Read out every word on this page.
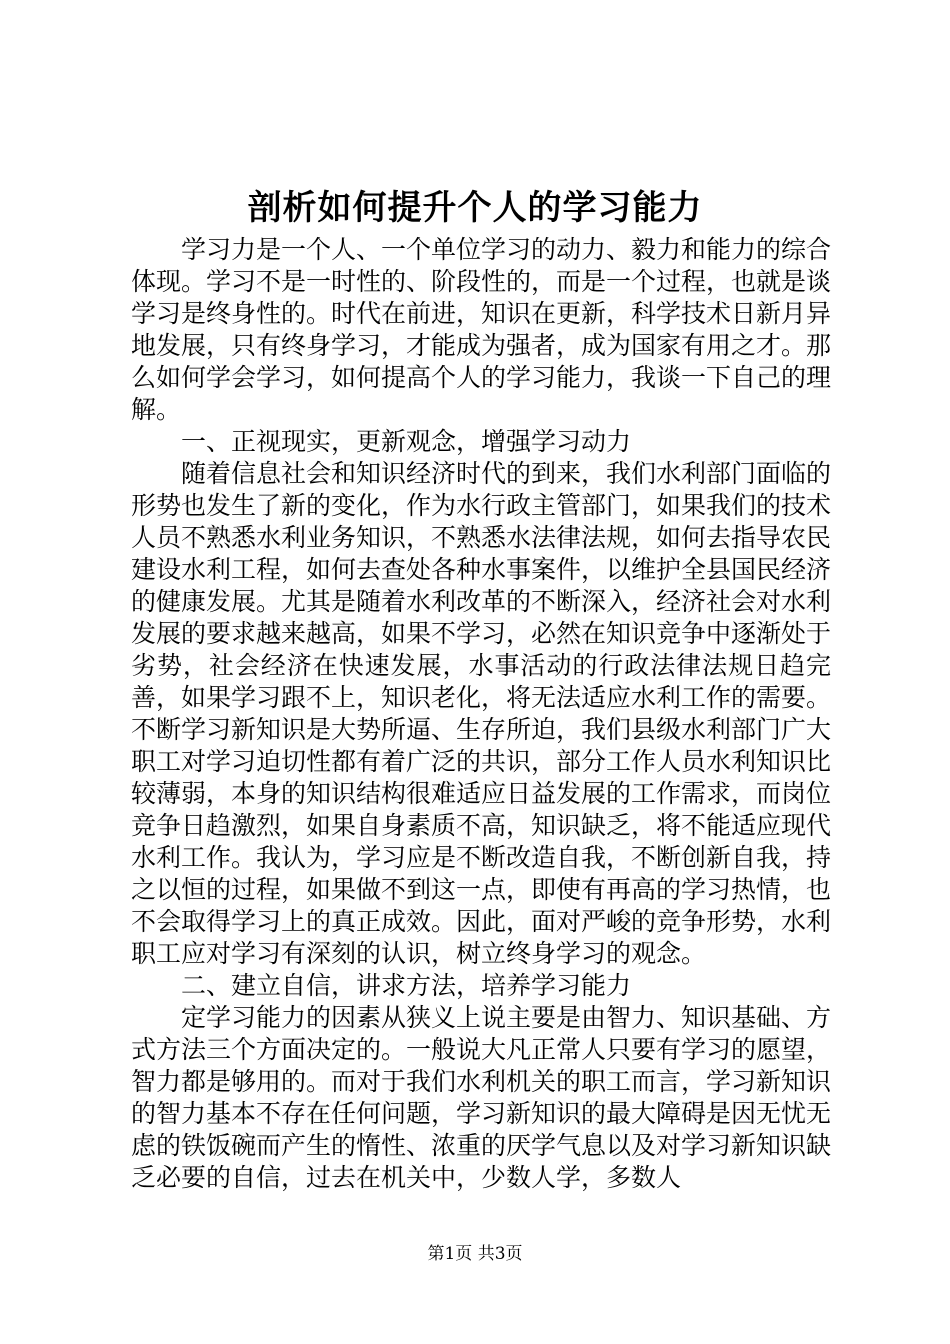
剖析如何提升个人的学习能力

学习力是一个人、一个单位学习的动力、毅力和能力的综合体现。学习不是一时性的、阶段性的，而是一个过程，也就是谈学习是终身性的。时代在前进，知识在更新，科学技术日新月异地发展，只有终身学习，才能成为强者，成为国家有用之才。那么如何学会学习，如何提高个人的学习能力，我谈一下自己的理解。

一、正视现实，更新观念，增强学习动力

随着信息社会和知识经济时代的到来，我们水利部门面临的形势也发生了新的变化，作为水行政主管部门，如果我们的技术人员不熟悉水利业务知识，不熟悉水法律法规，如何去指导农民建设水利工程，如何去查处各种水事案件，以维护全县国民经济的健康发展。尤其是随着水利改革的不断深入，经济社会对水利发展的要求越来越高，如果不学习，必然在知识竞争中逐渐处于劣势，社会经济在快速发展，水事活动的行政法律法规日趋完善，如果学习跟不上，知识老化，将无法适应水利工作的需要。不断学习新知识是大势所逼、生存所迫，我们县级水利部门广大职工对学习迫切性都有着广泛的共识，部分工作人员水利知识比较薄弱，本身的知识结构很难适应日益发展的工作需求，而岗位竞争日趋激烈，如果自身素质不高，知识缺乏，将不能适应现代水利工作。我认为，学习应是不断改造自我，不断创新自我，持之以恒的过程，如果做不到这一点，即使有再高的学习热情，也不会取得学习上的真正成效。因此，面对严峻的竞争形势，水利职工应对学习有深刻的认识，树立终身学习的观念。

二、建立自信，讲求方法，培养学习能力

定学习能力的因素从狭义上说主要是由智力、知识基础、方式方法三个方面决定的。一般说大凡正常人只要有学习的愿望，智力都是够用的。而对于我们水利机关的职工而言，学习新知识的智力基本不存在任何问题，学习新知识的最大障碍是因无忧无虑的铁饭碗而产生的惰性、浓重的厌学气息以及对学习新知识缺乏必要的自信，过去在机关中，少数人学，多数人

第1页 共3页
